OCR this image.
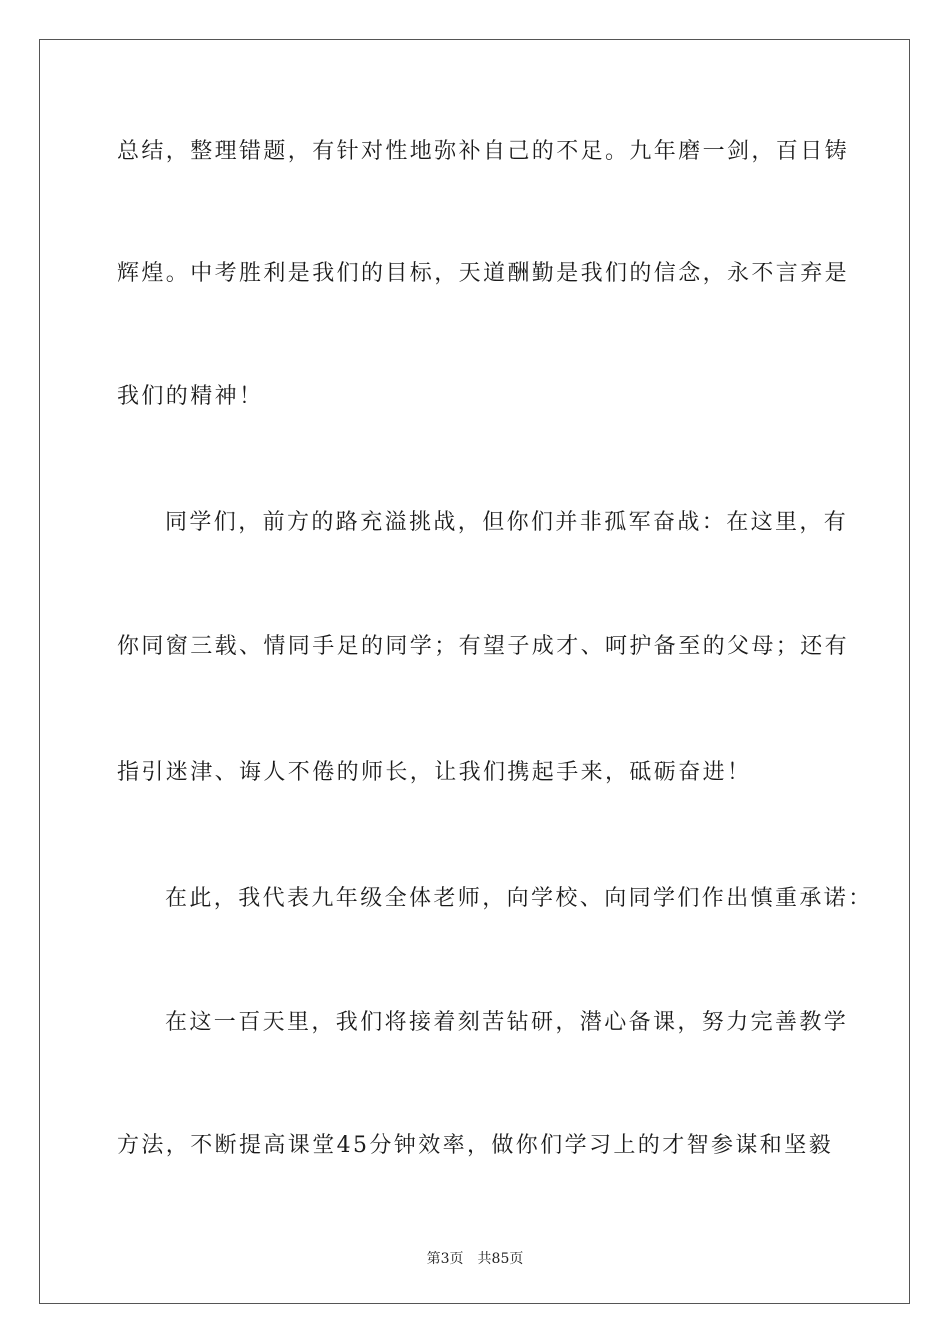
总结，整理错题，有针对性地弥补自己的不足。九年磨一剑，百日铸
辉煌。中考胜利是我们的目标，天道酬勤是我们的信念，永不言弃是
我们的精神！
同学们，前方的路充溢挑战，但你们并非孤军奋战：在这里，有
你同窗三载、情同手足的同学；有望子成才、呵护备至的父母；还有
指引迷津、诲人不倦的师长，让我们携起手来，砥砺奋进！
在此，我代表九年级全体老师，向学校、向同学们作出慎重承诺：
在这一百天里，我们将接着刻苦钻研，潜心备课，努力完善教学
方法，不断提高课堂45分钟效率，做你们学习上的才智参谋和坚毅
第3页 共85页
